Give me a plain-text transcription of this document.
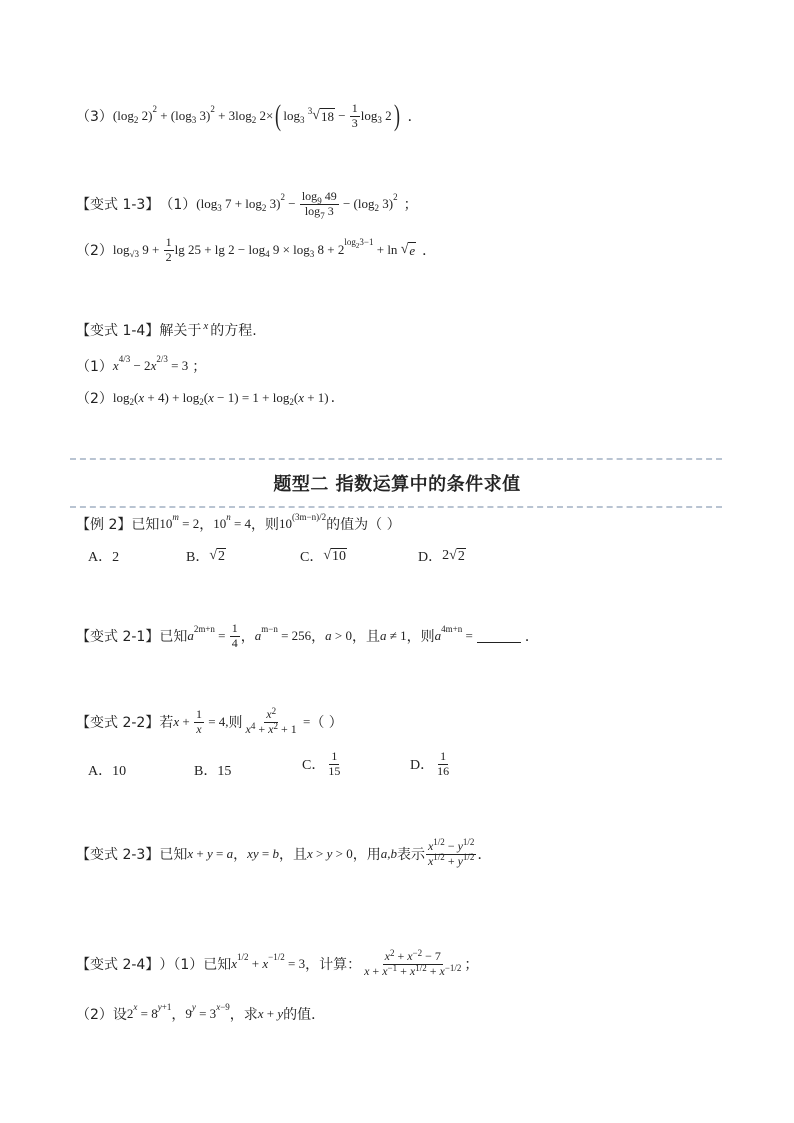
（3） (log 2 2) 2 + (log 3 3) 2 + 3log 2 2× ( log 3

3 √ $18 - \frac{1}{3}$ log 3 2 ) ．
【变式 1-3】 （1） (log 3 7 + log 2 3) $2 - \frac{\log_9 49}{\log_7 3} - (\log$ 2 3) 2 ；
（2） log √3 $9 + \frac{1}{2}$ lg 25 + lg 2 − log 4 9 × log 3 8 + 2
$\log_23-1$
+ ln √ e ．
【变式 1-4】 解关于 x 的方程.
（1） x 4/3 − 2 x 2/3 = 3 ；
（2） log 2 ( x + 4) + log 2 ( x − 1) = 1 + log 2 ( x + 1) .
题型二 指数运算中的条件求值
【例 2】 已知 10 m = 2 ， 10 n = 4 ，则 10 (3m−n)/2 的值为（ ）
A．2	B． √ 2	C． √ 10	D． 2 √ 2
【变式 2-1】 已知 a $2m+n = \frac{1}{4}$ ， a m−n = 256 ， a > 0 ，且 a ≠ 1 ，则 a 4m+n =	．
【变式 2-2】 若 $x + \frac{1}{x} = 4$, 则 $\frac{x^2}{x^4 + x^2 + 1}$ = （ ）
A．10	B．15	C． $\frac{1}{15}$	D． $\frac{1}{16}$
【变式 2-3】 已知 x + y = a ， xy = b ，且 x > y > 0 ，用 a,b 表示 $\frac{x^{1/2} - y^{1/2}}{x^{1/2} + y^{1/2}}$ ．
【变式 2-4】 ）（1）已知 x 1/2 + x −1/2 = 3 ，计算： $\frac{x^2 + x^{-2} - 7}{x + x^{-1} + x^{1/2} + x^{-1/2}}$ ；
（2）设 2 x = 8 y+1 ， 9 y = 3 x−9 ，求 x + y 的值．
